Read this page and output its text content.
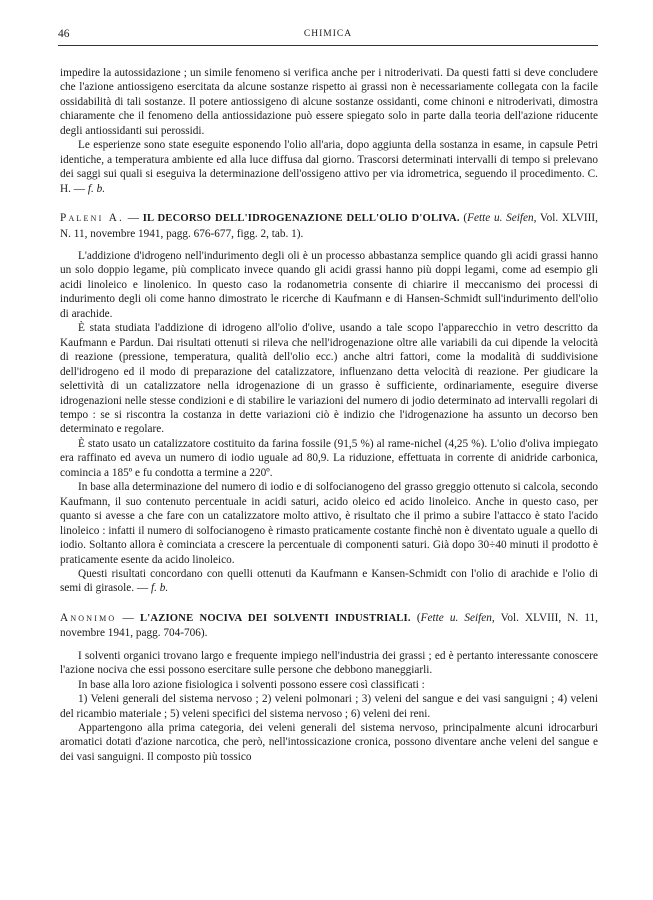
46	CHIMICA

impedire la autossidazione ; un simile fenomeno si verifica anche per i nitroderivati. Da questi fatti si deve concludere che l'azione antiossigeno esercitata da alcune sostanze rispetto ai grassi non è necessariamente collegata con la facile ossidabilità di tali sostanze. Il potere antiossigeno di alcune sostanze ossidanti, come chinoni e nitroderivati, dimostra chiaramente che il fenomeno della antiossidazione può essere spiegato solo in parte dalla teoria dell'azione riducente degli antiossidanti sui perossidi.

Le esperienze sono state eseguite esponendo l'olio all'aria, dopo aggiunta della sostanza in esame, in capsule Petri identiche, a temperatura ambiente ed alla luce diffusa dal giorno. Trascorsi determinati intervalli di tempo si prelevano dei saggi sui quali si eseguiva la determinazione dell'ossigeno attivo per via idrometrica, seguendo il procedimento. C. H. — f. b.

Paleni A. — IL DECORSO DELL'IDROGENAZIONE DELL'OLIO D'OLIVA. (Fette u. Seifen, Vol. XLVIII, N. 11, novembre 1941, pagg. 676-677, figg. 2, tab. 1).

L'addizione d'idrogeno nell'indurimento degli oli è un processo abbastanza semplice quando gli acidi grassi hanno un solo doppio legame, più complicato invece quando gli acidi grassi hanno più doppi legami, come ad esempio gli acidi linoleico e linolenico. In questo caso la rodanometria consente di chiarire il meccanismo dei processi di indurimento degli oli come hanno dimostrato le ricerche di Kaufmann e di Hansen-Schmidt sull'indurimento dell'olio di arachide.

È stata studiata l'addizione di idrogeno all'olio d'olive, usando a tale scopo l'apparecchio in vetro descritto da Kaufmann e Pardun. Dai risultati ottenuti si rileva che nell'idrogenazione oltre alle variabili da cui dipende la velocità di reazione (pressione, temperatura, qualità dell'olio ecc.) anche altri fattori, come la modalità di suddivisione dell'idrogeno ed il modo di preparazione del catalizzatore, influenzano detta velocità di reazione. Per giudicare la selettività di un catalizzatore nella idrogenazione di un grasso è sufficiente, ordinariamente, eseguire diverse idrogenazioni nelle stesse condizioni e di stabilire le variazioni del numero di jodio determinato ad intervalli regolari di tempo : se si riscontra la costanza in dette variazioni ciò è indizio che l'idrogenazione ha assunto un decorso ben determinato e regolare.

È stato usato un catalizzatore costituito da farina fossile (91,5 %) al rame-nichel (4,25 %). L'olio d'oliva impiegato era raffinato ed aveva un numero di iodio uguale ad 80,9. La riduzione, effettuata in corrente di anidride carbonica, comincia a 185º e fu condotta a termine a 220º.

In base alla determinazione del numero di iodio e di solfocianogeno del grasso greggio ottenuto si calcola, secondo Kaufmann, il suo contenuto percentuale in acidi saturi, acido oleico ed acido linoleico. Anche in questo caso, per quanto si avesse a che fare con un catalizzatore molto attivo, è risultato che il primo a subire l'attacco è stato l'acido linoleico : infatti il numero di solfocianogeno è rimasto praticamente costante finchè non è diventato uguale a quello di iodio. Soltanto allora è cominciata a crescere la percentuale di componenti saturi. Già dopo 30÷40 minuti il prodotto è praticamente esente da acido linoleico.

Questi risultati concordano con quelli ottenuti da Kaufmann e Kansen-Schmidt con l'olio di arachide e l'olio di semi di girasole. — f. b.

Anonimo — L'AZIONE NOCIVA DEI SOLVENTI INDUSTRIALI. (Fette u. Seifen, Vol. XLVIII, N. 11, novembre 1941, pagg. 704-706).

I solventi organici trovano largo e frequente impiego nell'industria dei grassi ; ed è pertanto interessante conoscere l'azione nociva che essi possono esercitare sulle persone che debbono maneggiarli.

In base alla loro azione fisiologica i solventi possono essere così classificati :

1) Veleni generali del sistema nervoso ; 2) veleni polmonari ; 3) veleni del sangue e dei vasi sanguigni ; 4) veleni del ricambio materiale ; 5) veleni specifici del sistema nervoso ; 6) veleni dei reni.

Appartengono alla prima categoria, dei veleni generali del sistema nervoso, principalmente alcuni idrocarburi aromatici dotati d'azione narcotica, che però, nell'intossicazione cronica, possono diventare anche veleni del sangue e dei vasi sanguigni. Il composto più tossico
